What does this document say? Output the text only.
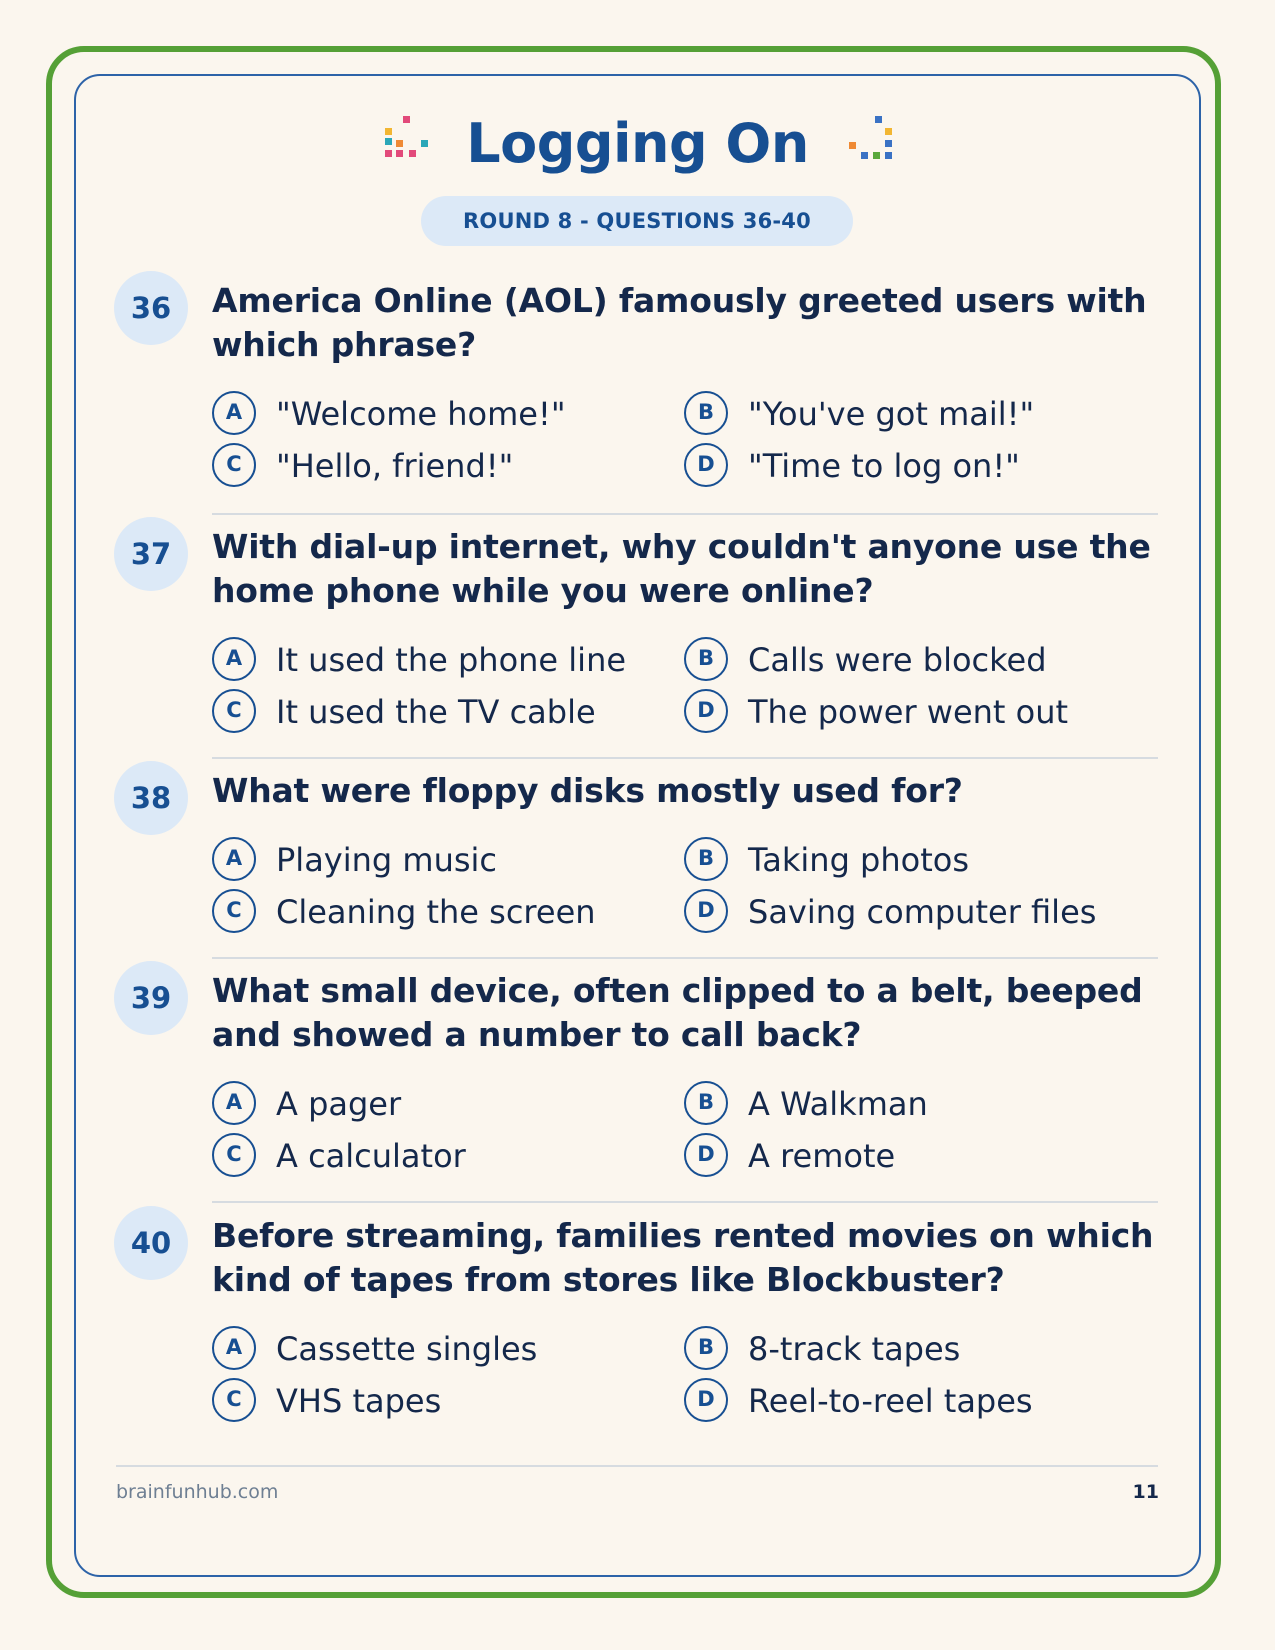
Logging On
ROUND 8 - QUESTIONS 36-40
36	America Online (AOL) famously greeted users with which phrase?
A	"Welcome home!"	B	"You've got mail!"
C	"Hello, friend!"	D	"Time to log on!"
37	With dial-up internet, why couldn't anyone use the home phone while you were online?
A	It used the phone line	B	Calls were blocked
C	It used the TV cable	D	The power went out
38	What were floppy disks mostly used for?
A	Playing music	B	Taking photos
C	Cleaning the screen	D	Saving computer files
39	What small device, often clipped to a belt, beeped and showed a number to call back?
A	A pager	B	A Walkman
C	A calculator	D	A remote
40	Before streaming, families rented movies on which kind of tapes from stores like Blockbuster?
A	Cassette singles	B	8-track tapes
C	VHS tapes	D	Reel-to-reel tapes
brainfunhub.com	11
